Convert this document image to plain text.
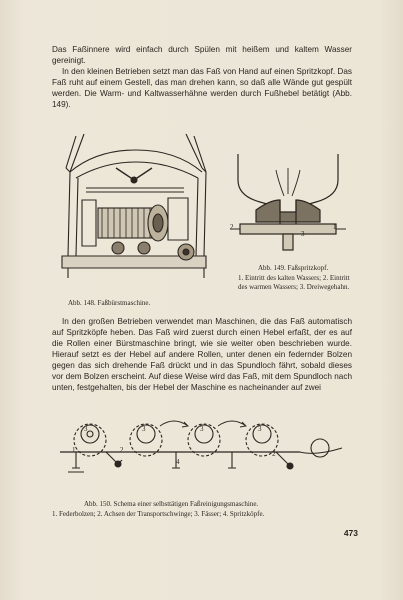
Das Faßinnere wird einfach durch Spülen mit heißem und kaltem Wasser gereinigt.

In den kleinen Betrieben setzt man das Faß von Hand auf einen Spritzkopf. Das Faß ruht auf einem Gestell, das man drehen kann, so daß alle Wände gut gespült werden. Die Warm- und Kaltwasserhähne werden durch Fußhebel betätigt (Abb. 149).

Abb. 148. Faßbürstmaschine.
2
3
1
Abb. 149. Faßspritzkopf.
1. Eintritt des kalten Wassers; 2. Eintritt des warmen Wassers; 3. Dreiwegehahn.

In den großen Betrieben verwendet man Maschinen, die das Faß automatisch auf Spritzköpfe heben. Das Faß wird zuerst durch einen Hebel erfaßt, der es auf die Rollen einer Bürstmaschine bringt, wie sie weiter oben beschrieben wurde. Hierauf setzt es der Hebel auf andere Rollen, unter denen ein federnder Bolzen gegen das sich drehende Faß drückt und in das Spundloch fährt, sobald dieses vor dem Bolzen erscheint. Auf diese Weise wird das Faß, mit dem Spundloch nach unten, festgehalten, bis der Hebel der Maschine es nacheinander auf zwei

3	3	3	3
1	2
4
2
Abb. 150. Schema einer selbsttätigen Faßreinigungsmaschine.
1. Federbolzen; 2. Achsen der Transportschwinge; 3. Fässer; 4. Spritzköpfe.
473
